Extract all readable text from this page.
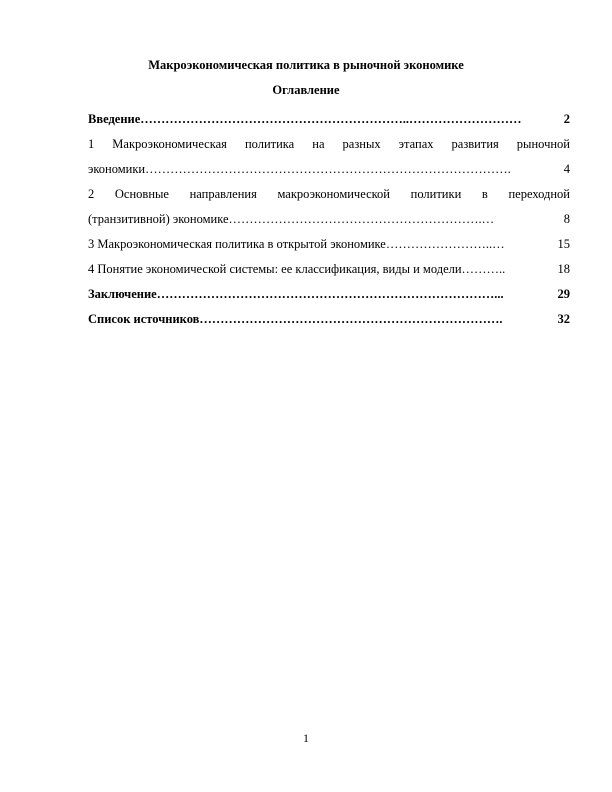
Макроэкономическая политика в рыночной экономике
Оглавление
2
Введение………………………………………………………..………………………
1 Макроэкономическая политика на разных этапах развития рыночной
4
экономики…………………………………………………………………………….
2 Основные направления макроэкономической политики в переходной
8
(транзитивной) экономике…………………………………………………….…
15
3 Макроэкономическая политика в открытой экономике……………………..…
18
4 Понятие экономической системы: ее классификация, виды и модели………..
29
Заключение………………………………………………………………………...
32
Список источников……………………………………………………………….
1
